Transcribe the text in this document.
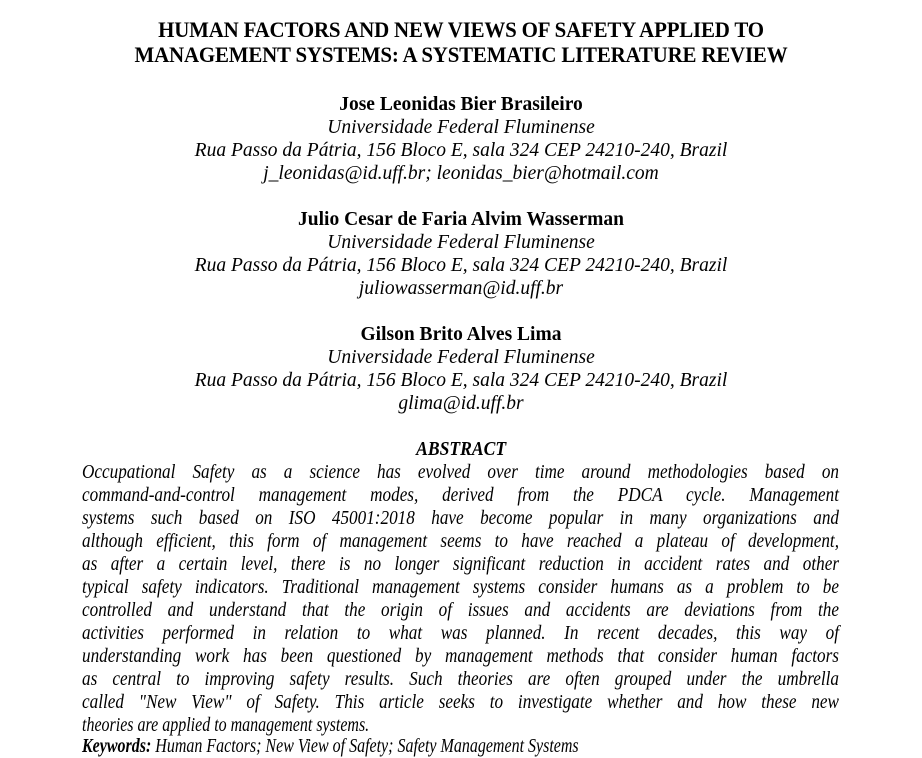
HUMAN FACTORS AND NEW VIEWS OF SAFETY APPLIED TO
MANAGEMENT SYSTEMS: A SYSTEMATIC LITERATURE REVIEW
Jose Leonidas Bier Brasileiro
Universidade Federal Fluminense
Rua Passo da Pátria, 156 Bloco E, sala 324 CEP 24210-240, Brazil
j_leonidas@id.uff.br; leonidas_bier@hotmail.com
Julio Cesar de Faria Alvim Wasserman
Universidade Federal Fluminense
Rua Passo da Pátria, 156 Bloco E, sala 324 CEP 24210-240, Brazil
juliowasserman@id.uff.br
Gilson Brito Alves Lima
Universidade Federal Fluminense
Rua Passo da Pátria, 156 Bloco E, sala 324 CEP 24210-240, Brazil
glima@id.uff.br
ABSTRACT
Occupational Safety as a science has evolved over time around methodologies based on
command-and-control management modes, derived from the PDCA cycle. Management
systems such based on ISO 45001:2018 have become popular in many organizations and
although efficient, this form of management seems to have reached a plateau of development,
as after a certain level, there is no longer significant reduction in accident rates and other
typical safety indicators. Traditional management systems consider humans as a problem to be
controlled and understand that the origin of issues and accidents are deviations from the
activities performed in relation to what was planned. In recent decades, this way of
understanding work has been questioned by management methods that consider human factors
as central to improving safety results. Such theories are often grouped under the umbrella
called "New View" of Safety. This article seeks to investigate whether and how these new
theories are applied to management systems.
Keywords: Human Factors; New View of Safety; Safety Management Systems
